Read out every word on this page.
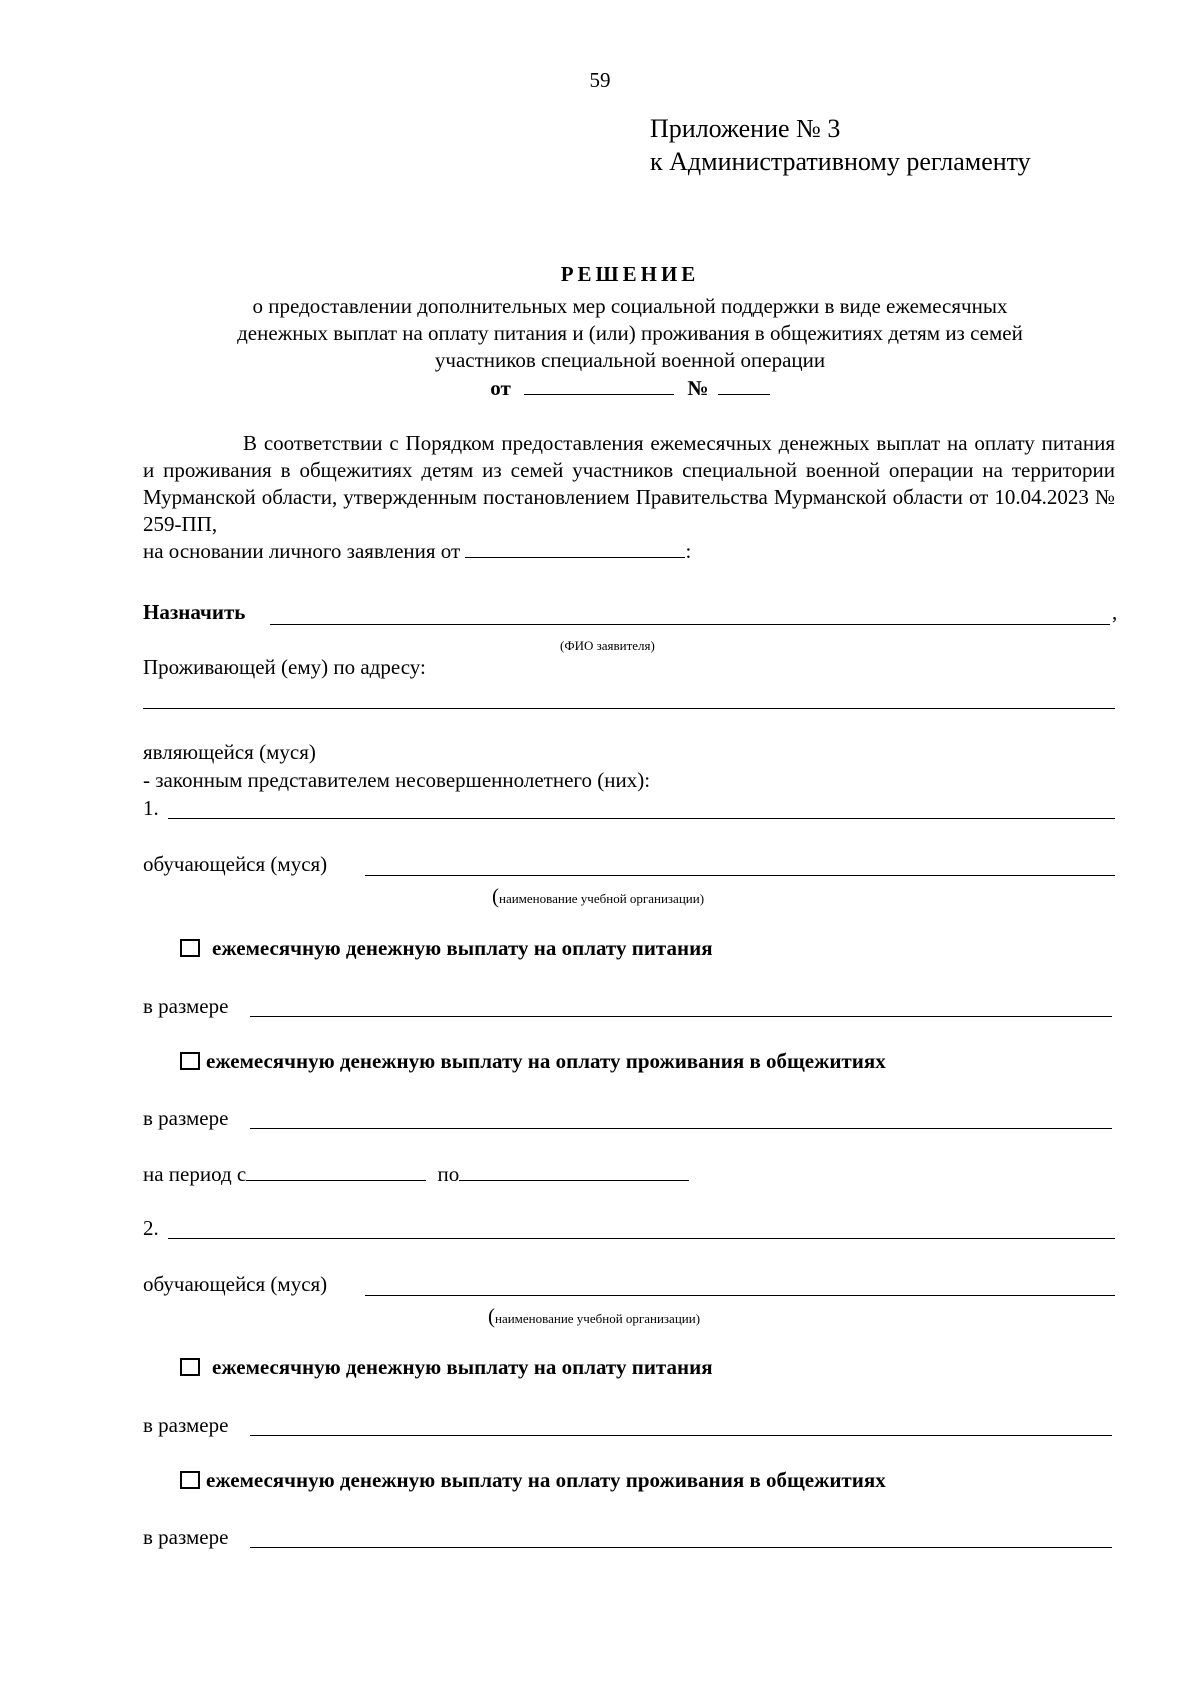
59
Приложение № 3
к Административному регламенту
РЕШЕНИЕ
о предоставлении дополнительных мер социальной поддержки в виде ежемесячных
денежных выплат на оплату питания и (или) проживания в общежитиях детям из семей
участников специальной военной операции
от	№
В соответствии с Порядком предоставления ежемесячных денежных выплат на оплату питания и проживания в общежитиях детям из семей участников специальной военной операции на территории Мурманской области, утвержденным постановлением Правительства Мурманской области от 10.04.2023 № 259-ПП,
на основании личного заявления от	:
Назначить	,
(ФИО заявителя)
Проживающей (ему) по адресу:
являющейся (муся)
- законным представителем несовершеннолетнего (них):
1.
обучающейся (муся)
(наименование учебной организации)
ежемесячную денежную выплату на оплату питания
в размере
ежемесячную денежную выплату на оплату проживания в общежитиях
в размере
на период с	по
2.
обучающейся (муся)
(наименование учебной организации)
ежемесячную денежную выплату на оплату питания
в размере
ежемесячную денежную выплату на оплату проживания в общежитиях
в размере
